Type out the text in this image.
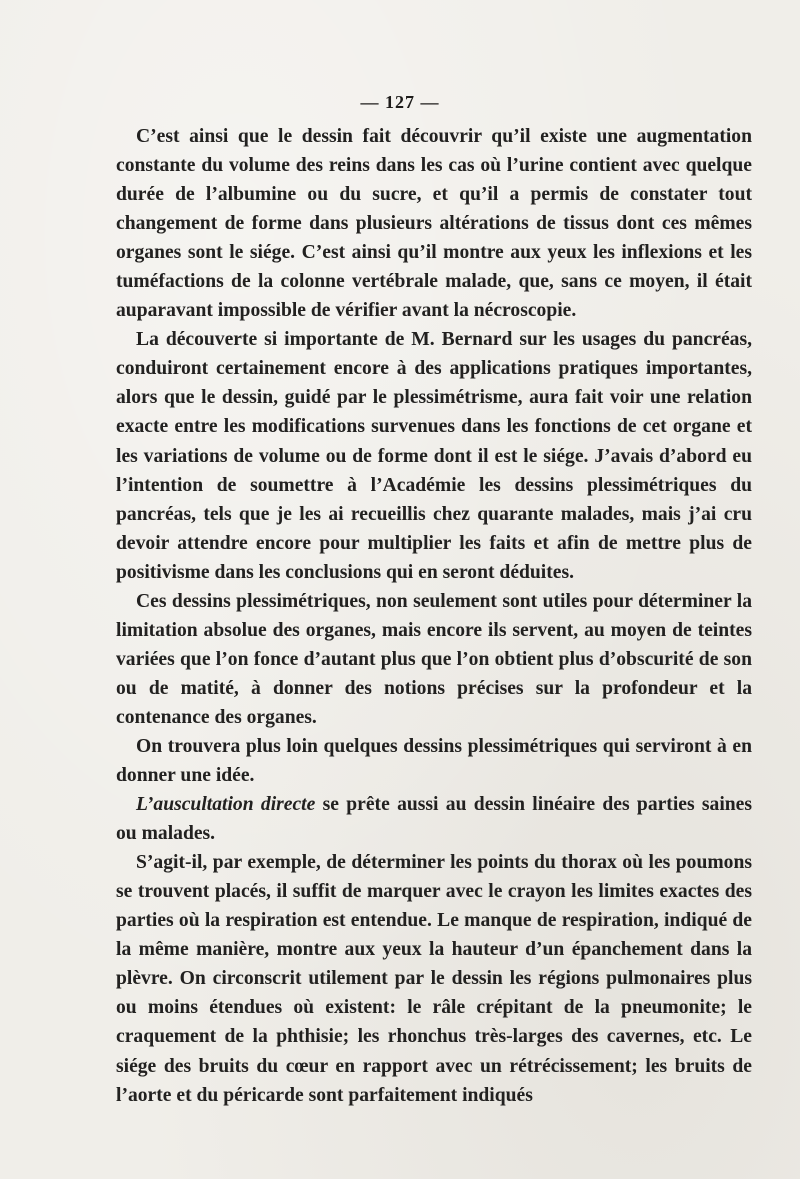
— 127 —

C’est ainsi que le dessin fait découvrir qu’il existe une augmentation constante du volume des reins dans les cas où l’urine contient avec quelque durée de l’albumine ou du sucre, et qu’il a permis de constater tout changement de forme dans plusieurs altérations de tissus dont ces mêmes organes sont le siége. C’est ainsi qu’il montre aux yeux les inflexions et les tuméfactions de la colonne vertébrale malade, que, sans ce moyen, il était auparavant impossible de vérifier avant la nécroscopie.

La découverte si importante de M. Bernard sur les usages du pancréas, conduiront certainement encore à des applications pratiques importantes, alors que le dessin, guidé par le plessimétrisme, aura fait voir une relation exacte entre les modifications survenues dans les fonctions de cet organe et les variations de volume ou de forme dont il est le siége. J’avais d’abord eu l’intention de soumettre à l’Académie les dessins plessimétriques du pancréas, tels que je les ai recueillis chez quarante malades, mais j’ai cru devoir attendre encore pour multiplier les faits et afin de mettre plus de positivisme dans les conclusions qui en seront déduites.

Ces dessins plessimétriques, non seulement sont utiles pour déterminer la limitation absolue des organes, mais encore ils servent, au moyen de teintes variées que l’on fonce d’autant plus que l’on obtient plus d’obscurité de son ou de matité, à donner des notions précises sur la profondeur et la contenance des organes.

On trouvera plus loin quelques dessins plessimétriques qui serviront à en donner une idée.

L’auscultation directe se prête aussi au dessin linéaire des parties saines ou malades.

S’agit-il, par exemple, de déterminer les points du thorax où les poumons se trouvent placés, il suffit de marquer avec le crayon les limites exactes des parties où la respiration est entendue. Le manque de respiration, indiqué de la même manière, montre aux yeux la hauteur d’un épanchement dans la plèvre. On circonscrit utilement par le dessin les régions pulmonaires plus ou moins étendues où existent: le râle crépitant de la pneumonite; le craquement de la phthisie; les rhonchus très-larges des cavernes, etc. Le siége des bruits du cœur en rapport avec un rétrécissement; les bruits de l’aorte et du péricarde sont parfaitement indiqués
